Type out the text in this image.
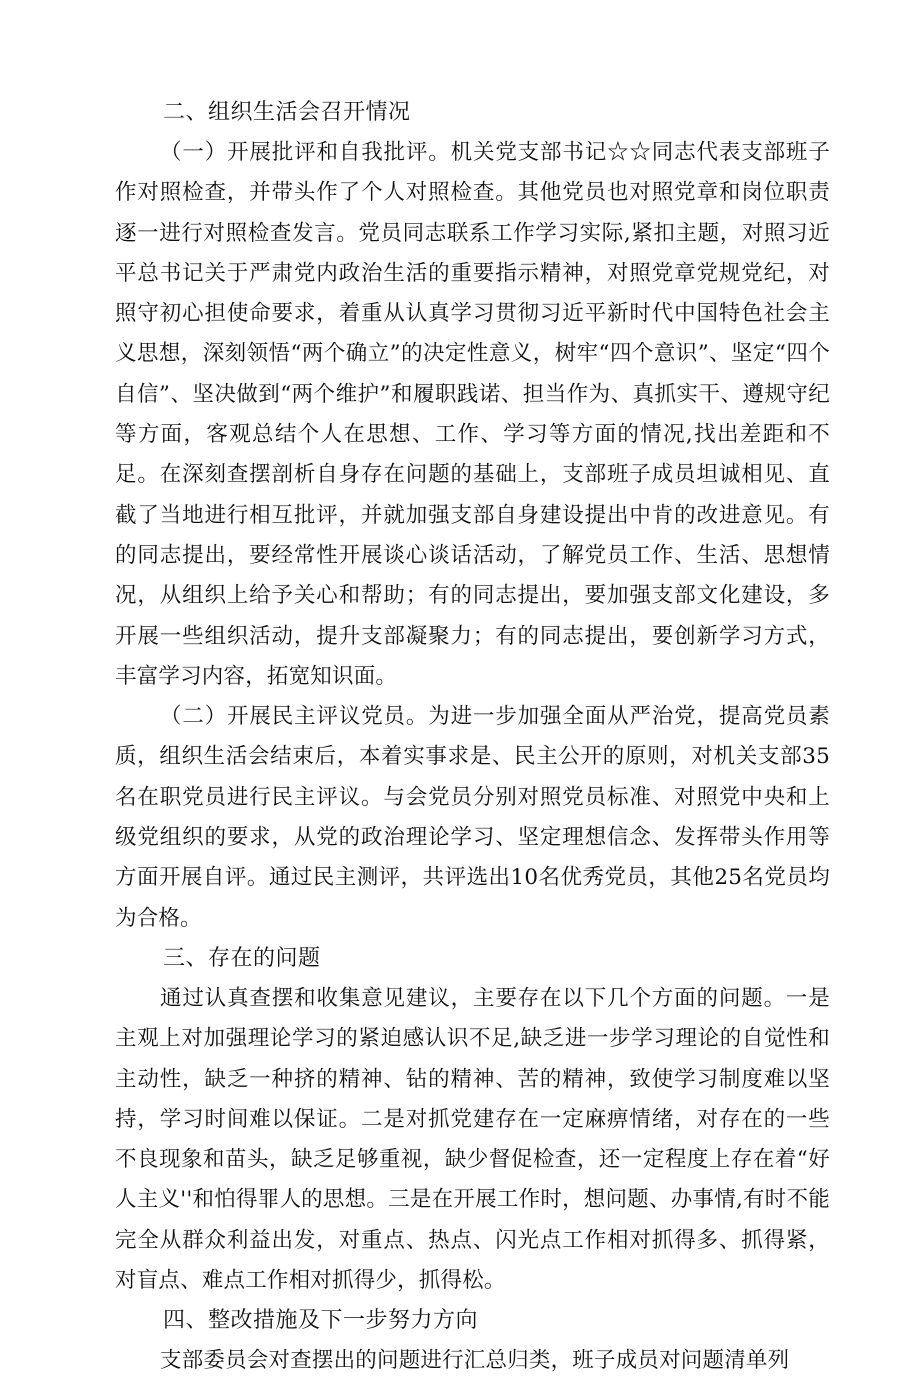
二、组织生活会召开情况

（一）开展批评和自我批评。机关党支部书记☆☆同志代表支部班子作对照检查，并带头作了个人对照检查。其他党员也对照党章和岗位职责逐一进行对照检查发言。党员同志联系工作学习实际,紧扣主题，对照习近平总书记关于严肃党内政治生活的重要指示精神，对照党章党规党纪，对照守初心担使命要求，着重从认真学习贯彻习近平新时代中国特色社会主义思想，深刻领悟“两个确立”的决定性意义，树牢“四个意识”、坚定“四个自信”、坚决做到“两个维护”和履职践诺、担当作为、真抓实干、遵规守纪等方面，客观总结个人在思想、工作、学习等方面的情况,找出差距和不足。在深刻查摆剖析自身存在问题的基础上，支部班子成员坦诚相见、直截了当地进行相互批评，并就加强支部自身建设提出中肯的改进意见。有的同志提出，要经常性开展谈心谈话活动，了解党员工作、生活、思想情况，从组织上给予关心和帮助；有的同志提出，要加强支部文化建设，多开展一些组织活动，提升支部凝聚力；有的同志提出，要创新学习方式，丰富学习内容，拓宽知识面。

（二）开展民主评议党员。为进一步加强全面从严治党，提高党员素质，组织生活会结束后，本着实事求是、民主公开的原则，对机关支部35名在职党员进行民主评议。与会党员分别对照党员标准、对照党中央和上级党组织的要求，从党的政治理论学习、坚定理想信念、发挥带头作用等方面开展自评。通过民主测评，共评选出10名优秀党员，其他25名党员均为合格。

三、存在的问题

通过认真查摆和收集意见建议，主要存在以下几个方面的问题。一是主观上对加强理论学习的紧迫感认识不足,缺乏进一步学习理论的自觉性和主动性，缺乏一种挤的精神、钻的精神、苦的精神，致使学习制度难以坚持，学习时间难以保证。二是对抓党建存在一定麻痹情绪，对存在的一些不良现象和苗头，缺乏足够重视，缺少督促检查，还一定程度上存在着“好人主义''和怕得罪人的思想。三是在开展工作时，想问题、办事情,有时不能完全从群众利益出发，对重点、热点、闪光点工作相对抓得多、抓得紧，对盲点、难点工作相对抓得少，抓得松。

四、整改措施及下一步努力方向

支部委员会对查摆出的问题进行汇总归类，班子成员对问题清单列
